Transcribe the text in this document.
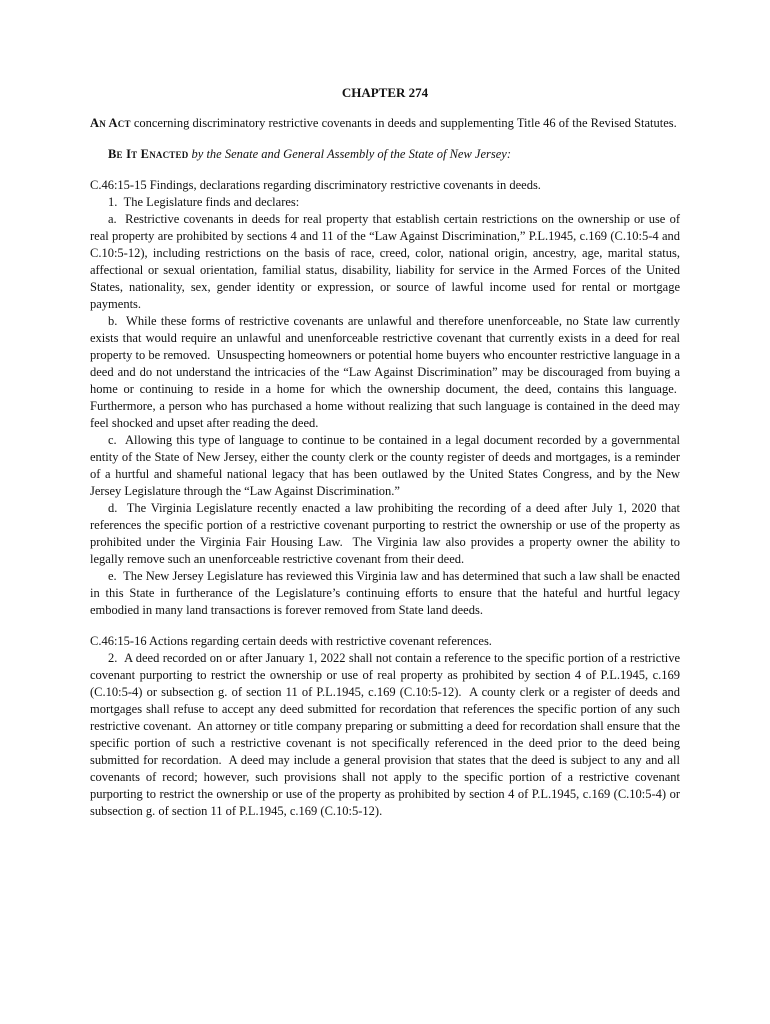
CHAPTER 274

An Act concerning discriminatory restrictive covenants in deeds and supplementing Title 46 of the Revised Statutes.

Be It Enacted by the Senate and General Assembly of the State of New Jersey:

C.46:15-15 Findings, declarations regarding discriminatory restrictive covenants in deeds.

1.  The Legislature finds and declares:

a.  Restrictive covenants in deeds for real property that establish certain restrictions on the ownership or use of real property are prohibited by sections 4 and 11 of the “Law Against Discrimination,” P.L.1945, c.169 (C.10:5-4 and C.10:5-12), including restrictions on the basis of race, creed, color, national origin, ancestry, age, marital status, affectional or sexual orientation, familial status, disability, liability for service in the Armed Forces of the United States, nationality, sex, gender identity or expression, or source of lawful income used for rental or mortgage payments.

b.  While these forms of restrictive covenants are unlawful and therefore unenforceable, no State law currently exists that would require an unlawful and unenforceable restrictive covenant that currently exists in a deed for real property to be removed.  Unsuspecting homeowners or potential home buyers who encounter restrictive language in a deed and do not understand the intricacies of the “Law Against Discrimination” may be discouraged from buying a home or continuing to reside in a home for which the ownership document, the deed, contains this language.  Furthermore, a person who has purchased a home without realizing that such language is contained in the deed may feel shocked and upset after reading the deed.

c.  Allowing this type of language to continue to be contained in a legal document recorded by a governmental entity of the State of New Jersey, either the county clerk or the county register of deeds and mortgages, is a reminder of a hurtful and shameful national legacy that has been outlawed by the United States Congress, and by the New Jersey Legislature through the “Law Against Discrimination.”

d.  The Virginia Legislature recently enacted a law prohibiting the recording of a deed after July 1, 2020 that references the specific portion of a restrictive covenant purporting to restrict the ownership or use of the property as prohibited under the Virginia Fair Housing Law.  The Virginia law also provides a property owner the ability to legally remove such an unenforceable restrictive covenant from their deed.

e.  The New Jersey Legislature has reviewed this Virginia law and has determined that such a law shall be enacted in this State in furtherance of the Legislature’s continuing efforts to ensure that the hateful and hurtful legacy embodied in many land transactions is forever removed from State land deeds.

C.46:15-16 Actions regarding certain deeds with restrictive covenant references.

2.  A deed recorded on or after January 1, 2022 shall not contain a reference to the specific portion of a restrictive covenant purporting to restrict the ownership or use of real property as prohibited by section 4 of P.L.1945, c.169 (C.10:5-4) or subsection g. of section 11 of P.L.1945, c.169 (C.10:5-12).  A county clerk or a register of deeds and mortgages shall refuse to accept any deed submitted for recordation that references the specific portion of any such restrictive covenant.  An attorney or title company preparing or submitting a deed for recordation shall ensure that the specific portion of such a restrictive covenant is not specifically referenced in the deed prior to the deed being submitted for recordation.  A deed may include a general provision that states that the deed is subject to any and all covenants of record; however, such provisions shall not apply to the specific portion of a restrictive covenant purporting to restrict the ownership or use of the property as prohibited by section 4 of P.L.1945, c.169 (C.10:5-4) or subsection g. of section 11 of P.L.1945, c.169 (C.10:5-12).
